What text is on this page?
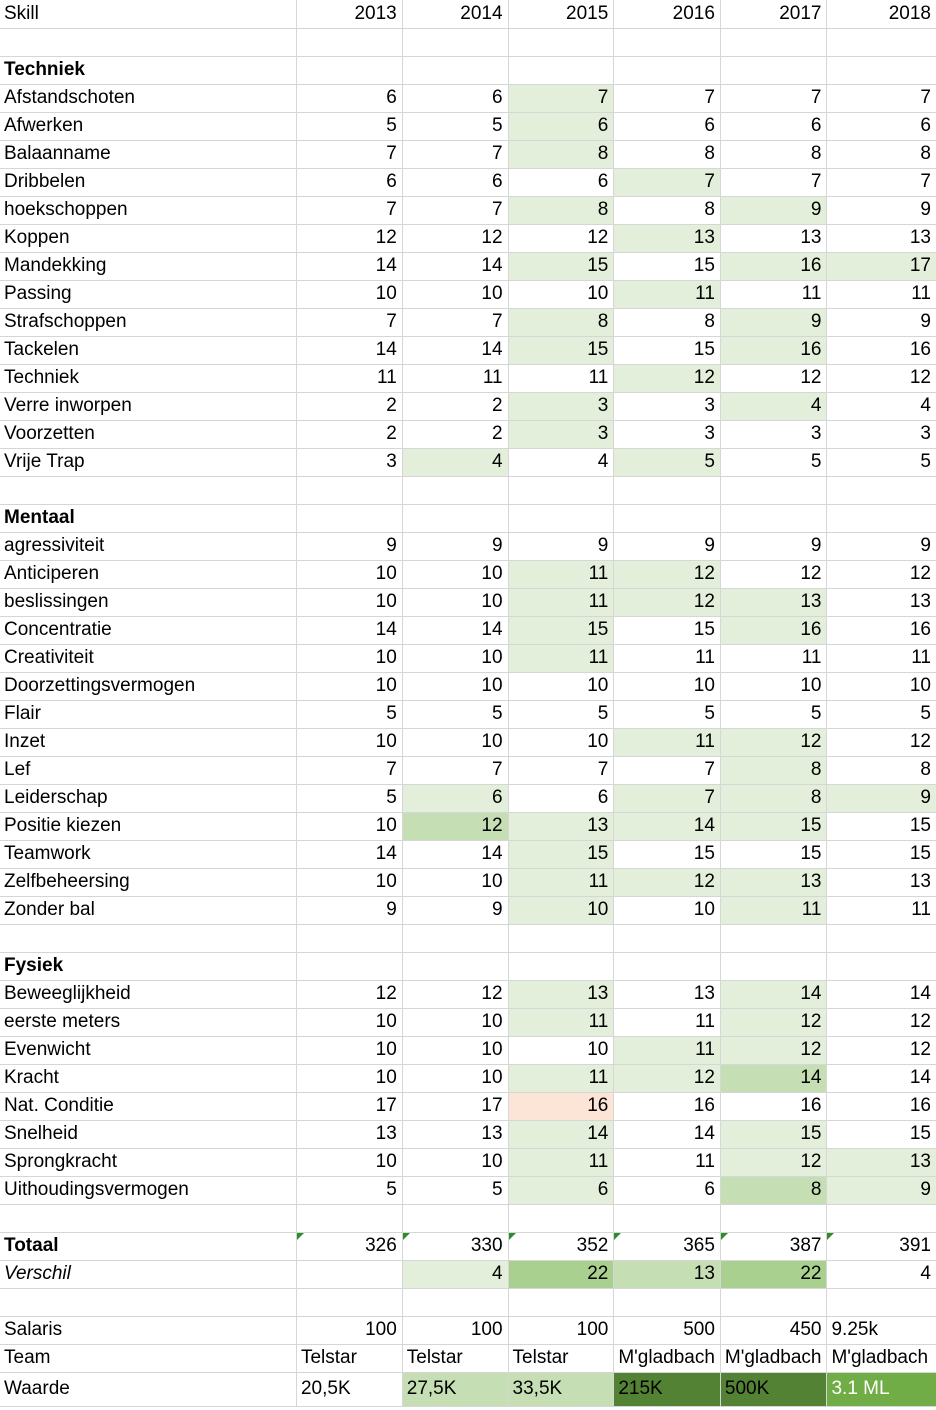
Skill	2013	2014	2015	2016	2017	2018

Techniek						
Afstandschoten	6	6	7	7	7	7
Afwerken	5	5	6	6	6	6
Balaanname	7	7	8	8	8	8
Dribbelen	6	6	6	7	7	7
hoekschoppen	7	7	8	8	9	9
Koppen	12	12	12	13	13	13
Mandekking	14	14	15	15	16	17
Passing	10	10	10	11	11	11
Strafschoppen	7	7	8	8	9	9
Tackelen	14	14	15	15	16	16
Techniek	11	11	11	12	12	12
Verre inworpen	2	2	3	3	4	4
Voorzetten	2	2	3	3	3	3
Vrije Trap	3	4	4	5	5	5

Mentaal						
agressiviteit	9	9	9	9	9	9
Anticiperen	10	10	11	12	12	12
beslissingen	10	10	11	12	13	13
Concentratie	14	14	15	15	16	16
Creativiteit	10	10	11	11	11	11
Doorzettingsvermogen	10	10	10	10	10	10
Flair	5	5	5	5	5	5
Inzet	10	10	10	11	12	12
Lef	7	7	7	7	8	8
Leiderschap	5	6	6	7	8	9
Positie kiezen	10	12	13	14	15	15
Teamwork	14	14	15	15	15	15
Zelfbeheersing	10	10	11	12	13	13
Zonder bal	9	9	10	10	11	11

Fysiek						
Beweeglijkheid	12	12	13	13	14	14
eerste meters	10	10	11	11	12	12
Evenwicht	10	10	10	11	12	12
Kracht	10	10	11	12	14	14
Nat. Conditie	17	17	16	16	16	16
Snelheid	13	13	14	14	15	15
Sprongkracht	10	10	11	11	12	13
Uithoudingsvermogen	5	5	6	6	8	9

Totaal	326	330	352	365	387	391
Verschil		4	22	13	22	4

Salaris	100	100	100	500	450	9.25k
Team	Telstar	Telstar	Telstar	M'gladbach	M'gladbach	M'gladbach
Waarde	20,5K	27,5K	33,5K	215K	500K	3.1 ML
